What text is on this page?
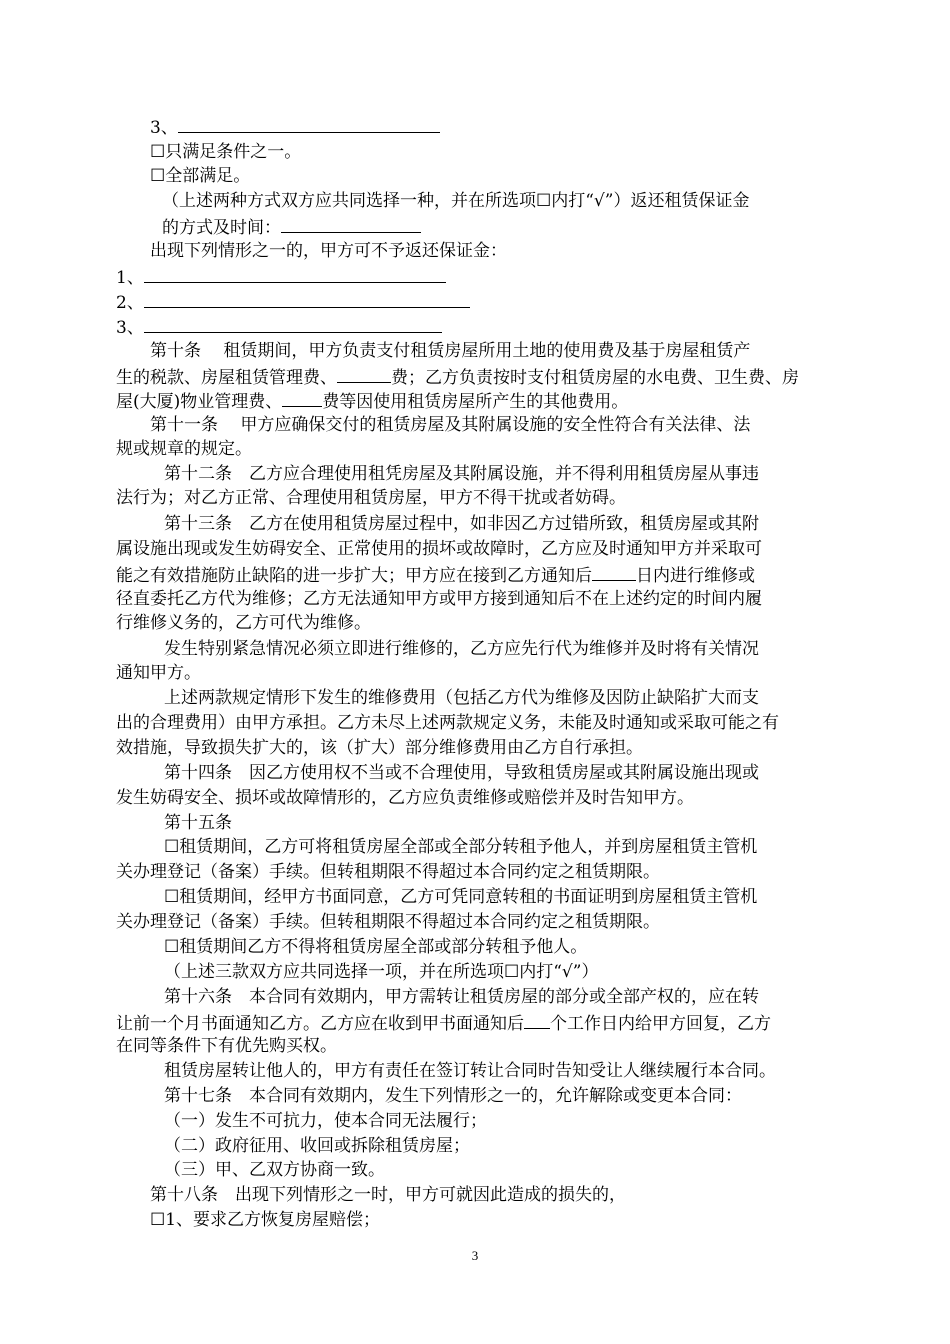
3、
☐只满足条件之一。
☐全部满足。
（上述两种方式双方应共同选择一种，并在所选项☐内打“√”）返还租赁保证金
的方式及时间：
出现下列情形之一的，甲方可不予返还保证金：
1、
2、
3、
第十条　 租赁期间，甲方负责支付租赁房屋所用土地的使用费及基于房屋租赁产
生的税款、房屋租赁管理费、	费；乙方负责按时支付租赁房屋的水电费、卫生费、房
屋(大厦)物业管理费、 费等因使用租赁房屋所产生的其他费用。
第十一条　 甲方应确保交付的租赁房屋及其附属设施的安全性符合有关法律、法
规或规章的规定。
第十二条　乙方应合理使用租凭房屋及其附属设施，并不得利用租赁房屋从事违
法行为；对乙方正常、合理使用租赁房屋，甲方不得干扰或者妨碍。
第十三条　乙方在使用租赁房屋过程中，如非因乙方过错所致，租赁房屋或其附
属设施出现或发生妨碍安全、正常使用的损坏或故障时，乙方应及时通知甲方并采取可
能之有效措施防止缺陷的进一步扩大；甲方应在接到乙方通知后	日内进行维修或
径直委托乙方代为维修；乙方无法通知甲方或甲方接到通知后不在上述约定的时间内履
行维修义务的，乙方可代为维修。
发生特别紧急情况必须立即进行维修的，乙方应先行代为维修并及时将有关情况
通知甲方。
上述两款规定情形下发生的维修费用（包括乙方代为维修及因防止缺陷扩大而支
出的合理费用）由甲方承担。乙方未尽上述两款规定义务，未能及时通知或采取可能之有
效措施，导致损失扩大的，该（扩大）部分维修费用由乙方自行承担。
第十四条　因乙方使用权不当或不合理使用，导致租赁房屋或其附属设施出现或
发生妨碍安全、损坏或故障情形的，乙方应负责维修或赔偿并及时告知甲方。
第十五条
☐租赁期间，乙方可将租赁房屋全部或全部分转租予他人，并到房屋租赁主管机
关办理登记（备案）手续。但转租期限不得超过本合同约定之租赁期限。
☐租赁期间，经甲方书面同意，乙方可凭同意转租的书面证明到房屋租赁主管机
关办理登记（备案）手续。但转租期限不得超过本合同约定之租赁期限。
☐租赁期间乙方不得将租赁房屋全部或部分转租予他人。
（上述三款双方应共同选择一项，并在所选项☐内打“√”）
第十六条　本合同有效期内，甲方需转让租赁房屋的部分或全部产权的，应在转
让前一个月书面通知乙方。乙方应在收到甲书面通知后 个工作日内给甲方回复，乙方
在同等条件下有优先购买权。
租赁房屋转让他人的，甲方有责任在签订转让合同时告知受让人继续履行本合同。
第十七条　本合同有效期内，发生下列情形之一的，允许解除或变更本合同：
（一）发生不可抗力，使本合同无法履行；
（二）政府征用、收回或拆除租赁房屋；
（三）甲、乙双方协商一致。
第十八条　出现下列情形之一时，甲方可就因此造成的损失的，
☐1、要求乙方恢复房屋赔偿；
3
